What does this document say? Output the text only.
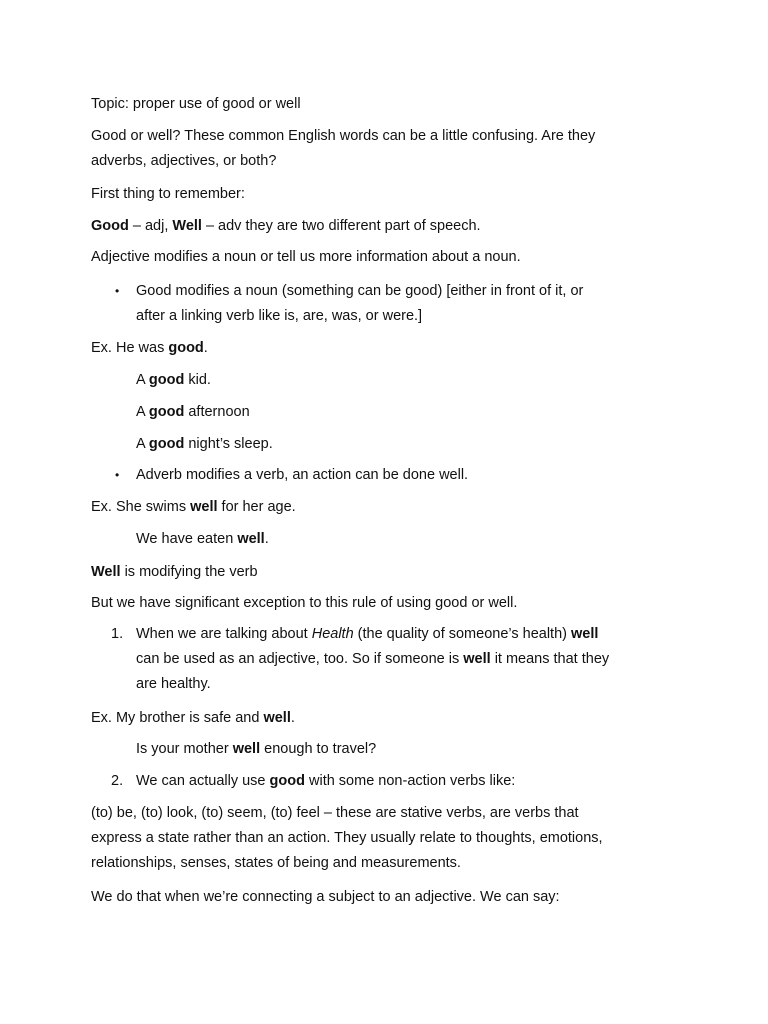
Topic: proper use of good or well

Good or well? These common English words can be a little confusing. Are they
adverbs, adjectives, or both?

First thing to remember:

Good – adj, Well – adv they are two different part of speech.

Adjective modifies a noun or tell us more information about a noun.

• Good modifies a noun (something can be good) [either in front of it, or
after a linking verb like is, are, was, or were.]

Ex. He was good.

A good kid.

A good afternoon

A good night’s sleep.

• Adverb modifies a verb, an action can be done well.

Ex. She swims well for her age.

We have eaten well.

Well is modifying the verb

But we have significant exception to this rule of using good or well.

1. When we are talking about Health (the quality of someone’s health) well
can be used as an adjective, too. So if someone is well it means that they
are healthy.

Ex. My brother is safe and well.

Is your mother well enough to travel?

2. We can actually use good with some non-action verbs like:
(to) be, (to) look, (to) seem, (to) feel – these are stative verbs, are verbs that
express a state rather than an action. They usually relate to thoughts, emotions,
relationships, senses, states of being and measurements.

We do that when we’re connecting a subject to an adjective. We can say:
